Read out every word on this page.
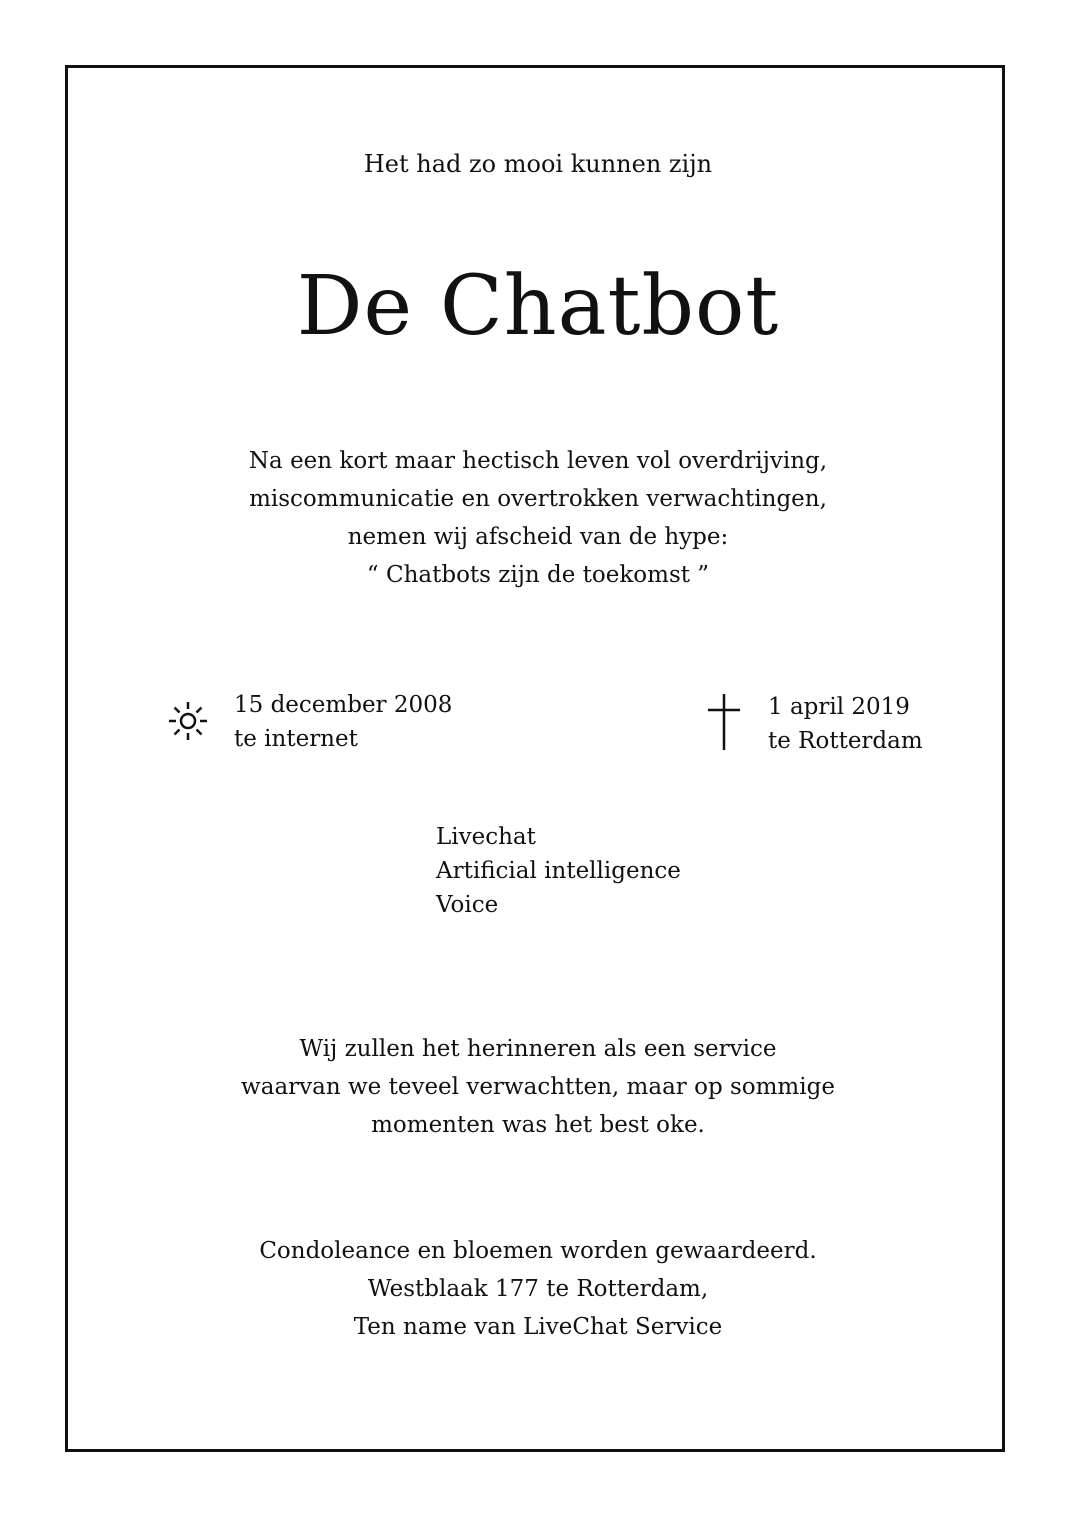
Het had zo mooi kunnen zijn
De Chatbot
Na een kort maar hectisch leven vol overdrijving,
miscommunicatie en overtrokken verwachtingen,
nemen wij afscheid van de hype:
“ Chatbots zijn de toekomst ”
15 december 2008
te internet
1 april 2019
te Rotterdam
Livechat
Artificial intelligence
Voice
Wij zullen het herinneren als een service
waarvan we teveel verwachtten, maar op sommige
momenten was het best oke.
Condoleance en bloemen worden gewaardeerd.
Westblaak 177 te Rotterdam,
Ten name van LiveChat Service
